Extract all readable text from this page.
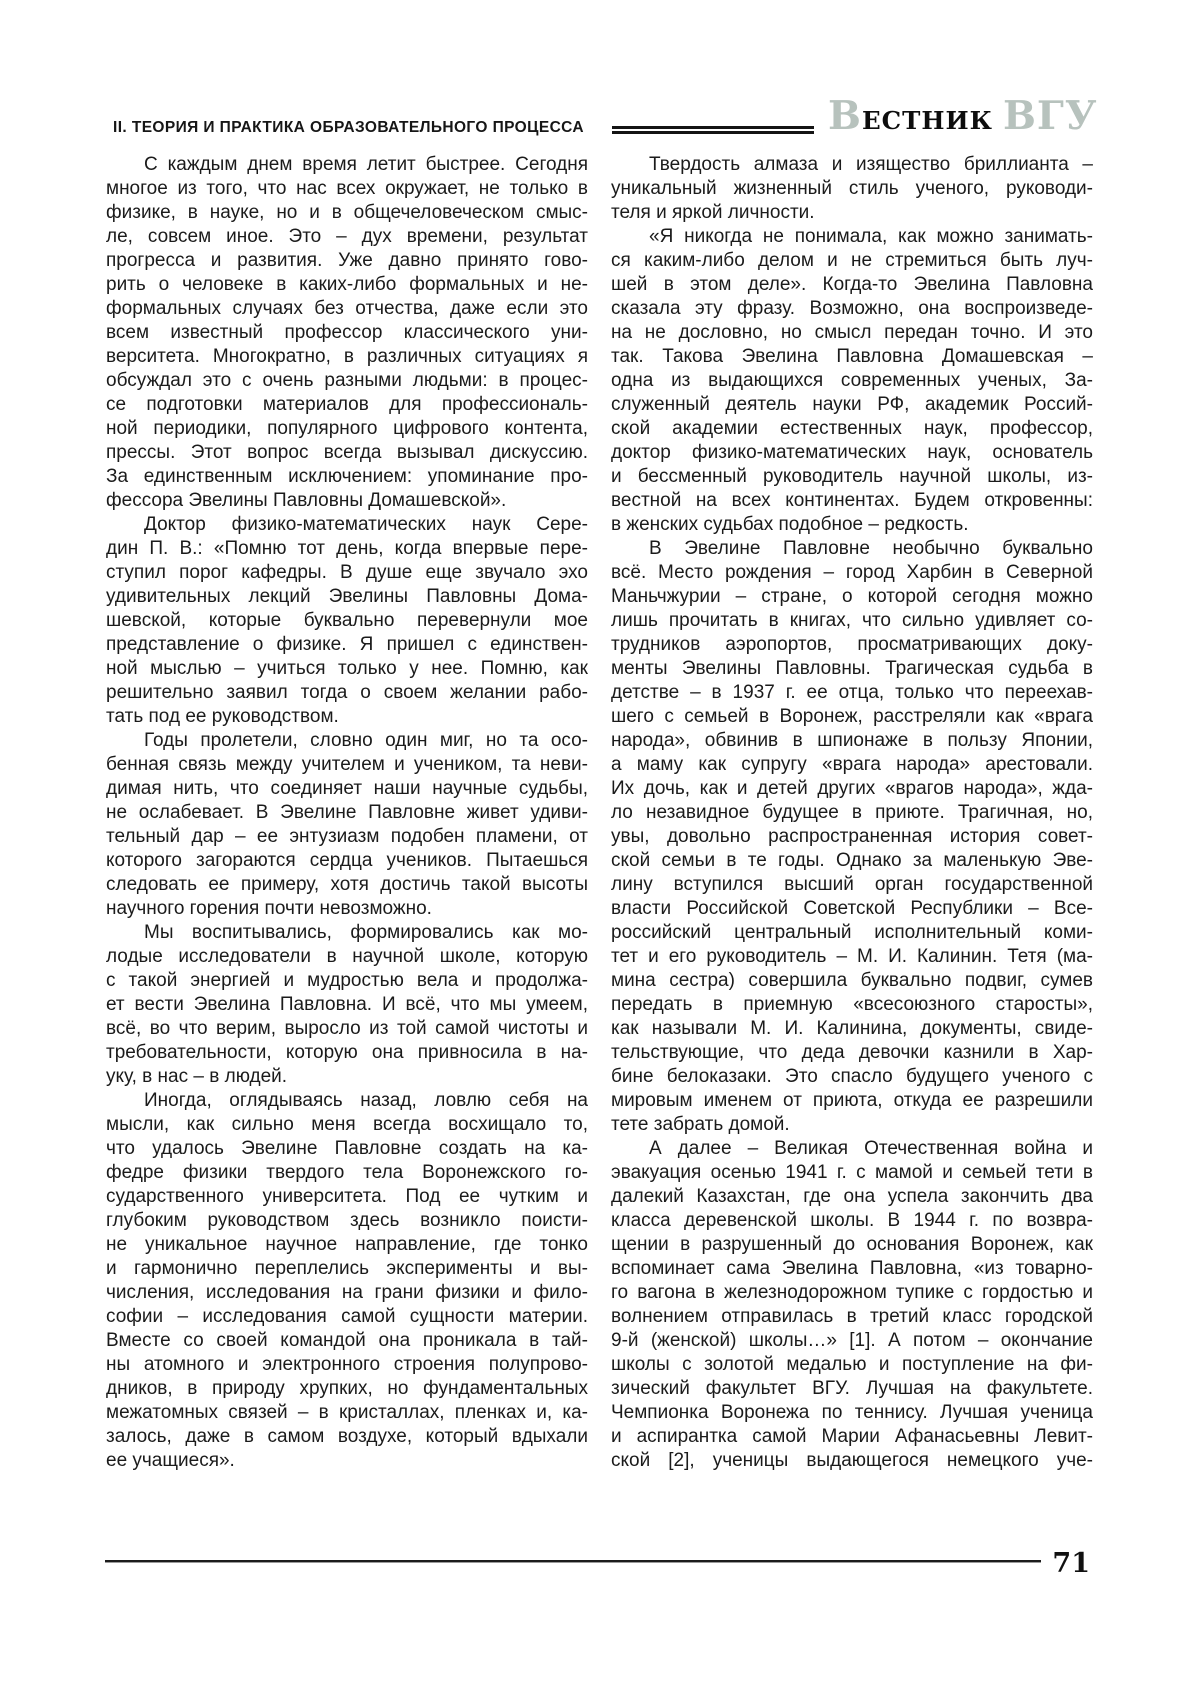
II. ТЕОРИЯ И ПРАКТИКА ОБРАЗОВАТЕЛЬНОГО ПРОЦЕССА	ВЕСТНИК ВГУ
С каждым днем время летит быстрее. Сегодня
многое из того, что нас всех окружает, не только в
физике, в науке, но и в общечеловеческом смыс-
ле, совсем иное. Это – дух времени, результат
прогресса и развития. Уже давно принято гово-
рить о человеке в каких-либо формальных и не-
формальных случаях без отчества, даже если это
всем известный профессор классического уни-
верситета. Многократно, в различных ситуациях я
обсуждал это с очень разными людьми: в процес-
се подготовки материалов для профессиональ-
ной периодики, популярного цифрового контента,
прессы. Этот вопрос всегда вызывал дискуссию.
За единственным исключением: упоминание про-
фессора Эвелины Павловны Домашевской».
Доктор физико-математических наук Сере-
дин П. В.: «Помню тот день, когда впервые пере-
ступил порог кафедры. В душе еще звучало эхо
удивительных лекций Эвелины Павловны Дома-
шевской, которые буквально перевернули мое
представление о физике. Я пришел с единствен-
ной мыслью – учиться только у нее. Помню, как
решительно заявил тогда о своем желании рабо-
тать под ее руководством.
Годы пролетели, словно один миг, но та осо-
бенная связь между учителем и учеником, та неви-
димая нить, что соединяет наши научные судьбы,
не ослабевает. В Эвелине Павловне живет удиви-
тельный дар – ее энтузиазм подобен пламени, от
которого загораются сердца учеников. Пытаешься
следовать ее примеру, хотя достичь такой высоты
научного горения почти невозможно.
Мы воспитывались, формировались как мо-
лодые исследователи в научной школе, которую
с такой энергией и мудростью вела и продолжа-
ет вести Эвелина Павловна. И всё, что мы умеем,
всё, во что верим, выросло из той самой чистоты и
требовательности, которую она привносила в на-
уку, в нас – в людей.
Иногда, оглядываясь назад, ловлю себя на
мысли, как сильно меня всегда восхищало то,
что удалось Эвелине Павловне создать на ка-
федре физики твердого тела Воронежского го-
сударственного университета. Под ее чутким и
глубоким руководством здесь возникло поисти-
не уникальное научное направление, где тонко
и гармонично переплелись эксперименты и вы-
числения, исследования на грани физики и фило-
софии – исследования самой сущности материи.
Вместе со своей командой она проникала в тай-
ны атомного и электронного строения полупрово-
дников, в природу хрупких, но фундаментальных
межатомных связей – в кристаллах, пленках и, ка-
залось, даже в самом воздухе, который вдыхали
ее учащиеся».
Твердость алмаза и изящество бриллианта –
уникальный жизненный стиль ученого, руководи-
теля и яркой личности.
«Я никогда не понимала, как можно занимать-
ся каким-либо делом и не стремиться быть луч-
шей в этом деле». Когда-то Эвелина Павловна
сказала эту фразу. Возможно, она воспроизведе-
на не дословно, но смысл передан точно. И это
так. Такова Эвелина Павловна Домашевская –
одна из выдающихся современных ученых, За-
служенный деятель науки РФ, академик Россий-
ской академии естественных наук, профессор,
доктор физико-математических наук, основатель
и бессменный руководитель научной школы, из-
вестной на всех континентах. Будем откровенны:
в женских судьбах подобное – редкость.
В Эвелине Павловне необычно буквально
всё. Место рождения – город Харбин в Северной
Маньчжурии – стране, о которой сегодня можно
лишь прочитать в книгах, что сильно удивляет со-
трудников аэропортов, просматривающих доку-
менты Эвелины Павловны. Трагическая судьба в
детстве – в 1937 г. ее отца, только что переехав-
шего с семьей в Воронеж, расстреляли как «врага
народа», обвинив в шпионаже в пользу Японии,
а маму как супругу «врага народа» арестовали.
Их дочь, как и детей других «врагов народа», жда-
ло незавидное будущее в приюте. Трагичная, но,
увы, довольно распространенная история совет-
ской семьи в те годы. Однако за маленькую Эве-
лину вступился высший орган государственной
власти Российской Советской Республики – Все-
российский центральный исполнительный коми-
тет и его руководитель – М. И. Калинин. Тетя (ма-
мина сестра) совершила буквально подвиг, сумев
передать в приемную «всесоюзного старосты»,
как называли М. И. Калинина, документы, свиде-
тельствующие, что деда девочки казнили в Хар-
бине белоказаки. Это спасло будущего ученого с
мировым именем от приюта, откуда ее разрешили
тете забрать домой.
А далее – Великая Отечественная война и
эвакуация осенью 1941 г. с мамой и семьей тети в
далекий Казахстан, где она успела закончить два
класса деревенской школы. В 1944 г. по возвра-
щении в разрушенный до основания Воронеж, как
вспоминает сама Эвелина Павловна, «из товарно-
го вагона в железнодорожном тупике с гордостью и
волнением отправилась в третий класс городской
9-й (женской) школы…» [1]. А потом – окончание
школы с золотой медалью и поступление на фи-
зический факультет ВГУ. Лучшая на факультете.
Чемпионка Воронежа по теннису. Лучшая ученица
и аспирантка самой Марии Афанасьевны Левит-
ской [2], ученицы выдающегося немецкого уче-
71
